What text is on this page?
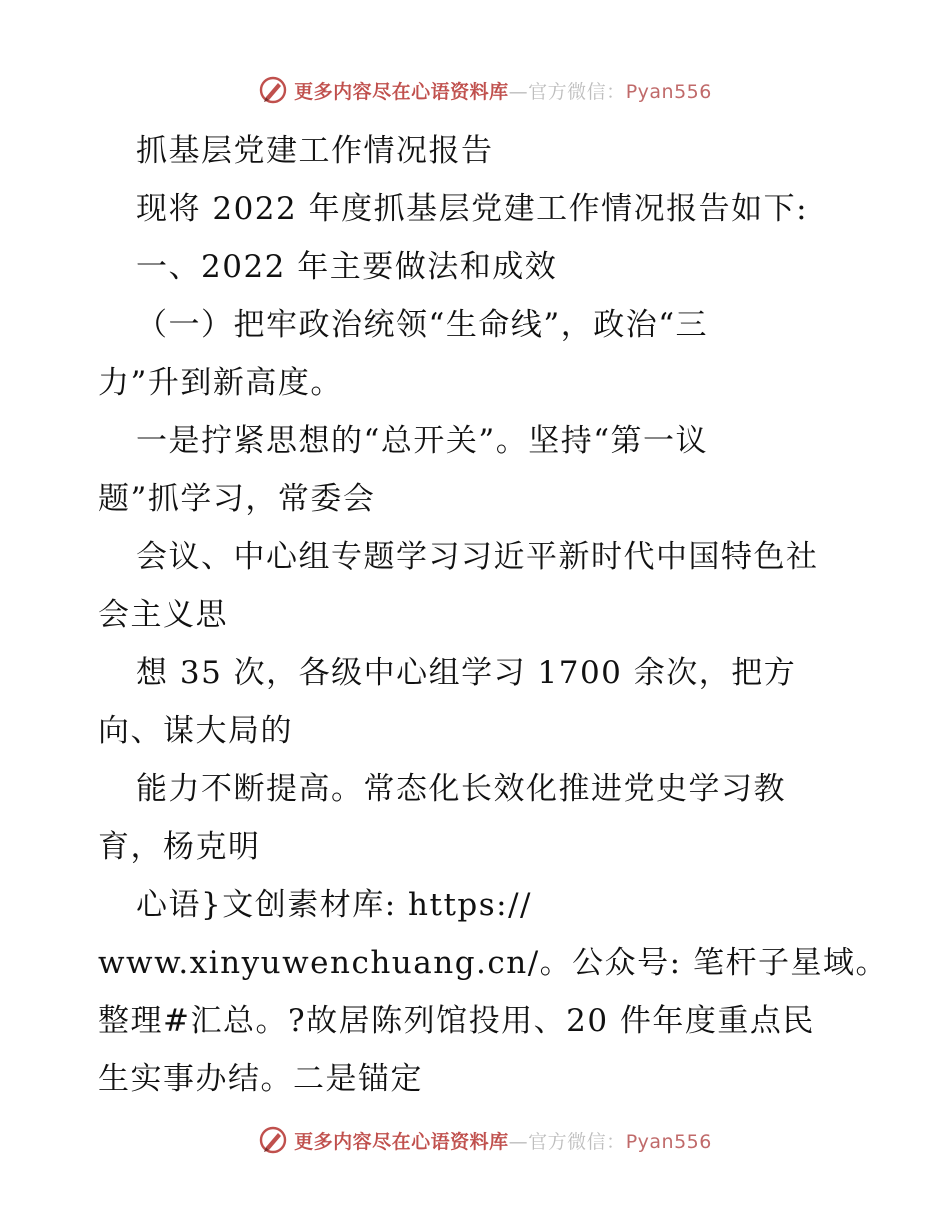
更多内容尽在心语资料库—官方微信：Pyan556
抓基层党建工作情况报告
现将 2022 年度抓基层党建工作情况报告如下:
一、2022 年主要做法和成效
（一）把牢政治统领“生命线”，政治“三
力”升到新高度。
一是拧紧思想的“总开关”。坚持“第一议
题”抓学习，常委会
会议、中心组专题学习习近平新时代中国特色社
会主义思
想 35 次，各级中心组学习 1700 余次，把方
向、谋大局的
能力不断提高。常态化长效化推进党史学习教
育，杨克明
心语}文创素材库: https://
www.xinyuwenchuang.cn/。公众号: 笔杆子星域。
整理#汇总。?故居陈列馆投用、20 件年度重点民
生实事办结。二是锚定
更多内容尽在心语资料库—官方微信：Pyan556
